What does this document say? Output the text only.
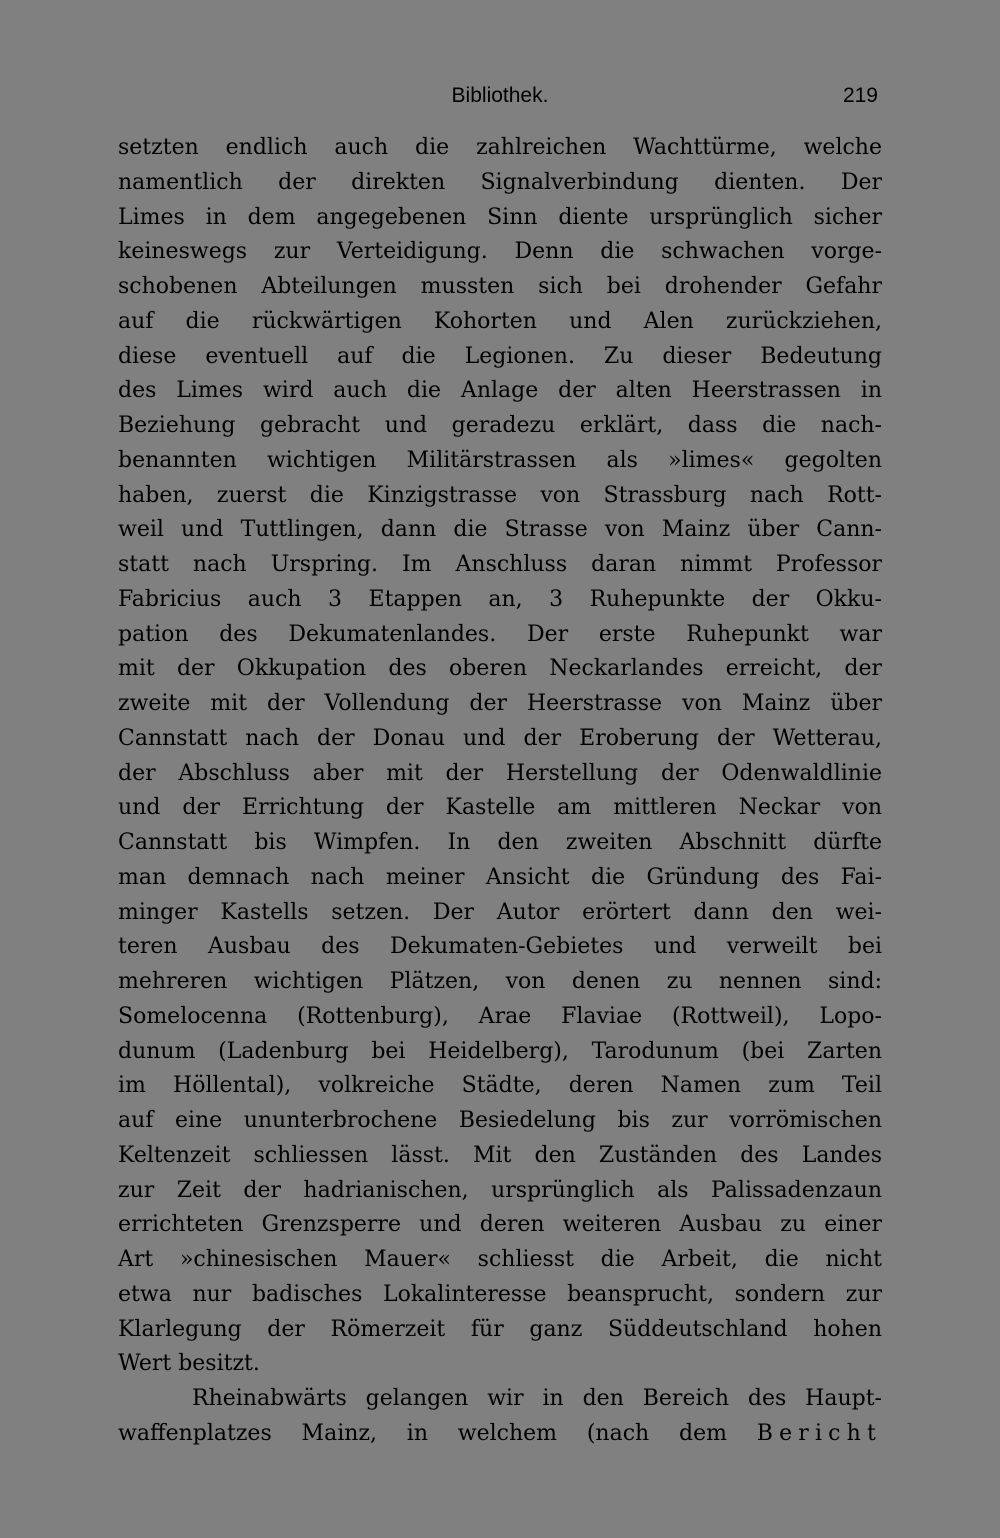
Bibliothek.	219
setzten endlich auch die zahlreichen Wachttürme, welche
namentlich der direkten Signalverbindung dienten. Der
Limes in dem angegebenen Sinn diente ursprünglich sicher
keineswegs zur Verteidigung. Denn die schwachen vorge-
schobenen Abteilungen mussten sich bei drohender Gefahr
auf die rückwärtigen Kohorten und Alen zurückziehen,
diese eventuell auf die Legionen. Zu dieser Bedeutung
des Limes wird auch die Anlage der alten Heerstrassen in
Beziehung gebracht und geradezu erklärt, dass die nach-
benannten wichtigen Militärstrassen als »limes« gegolten
haben, zuerst die Kinzigstrasse von Strassburg nach Rott-
weil und Tuttlingen, dann die Strasse von Mainz über Cann-
statt nach Urspring. Im Anschluss daran nimmt Professor
Fabricius auch 3 Etappen an, 3 Ruhepunkte der Okku-
pation des Dekumatenlandes. Der erste Ruhepunkt war
mit der Okkupation des oberen Neckarlandes erreicht, der
zweite mit der Vollendung der Heerstrasse von Mainz über
Cannstatt nach der Donau und der Eroberung der Wetterau,
der Abschluss aber mit der Herstellung der Odenwaldlinie
und der Errichtung der Kastelle am mittleren Neckar von
Cannstatt bis Wimpfen. In den zweiten Abschnitt dürfte
man demnach nach meiner Ansicht die Gründung des Fai-
minger Kastells setzen. Der Autor erörtert dann den wei-
teren Ausbau des Dekumaten-Gebietes und verweilt bei
mehreren wichtigen Plätzen, von denen zu nennen sind:
Somelocenna (Rottenburg), Arae Flaviae (Rottweil), Lopo-
dunum (Ladenburg bei Heidelberg), Tarodunum (bei Zarten
im Höllental), volkreiche Städte, deren Namen zum Teil
auf eine ununterbrochene Besiedelung bis zur vorrömischen
Keltenzeit schliessen lässt. Mit den Zuständen des Landes
zur Zeit der hadrianischen, ursprünglich als Palissadenzaun
errichteten Grenzsperre und deren weiteren Ausbau zu einer
Art »chinesischen Mauer« schliesst die Arbeit, die nicht
etwa nur badisches Lokalinteresse beansprucht, sondern zur
Klarlegung der Römerzeit für ganz Süddeutschland hohen
Wert besitzt.
Rheinabwärts gelangen wir in den Bereich des Haupt-
waffenplatzes Mainz, in welchem (nach dem Bericht
